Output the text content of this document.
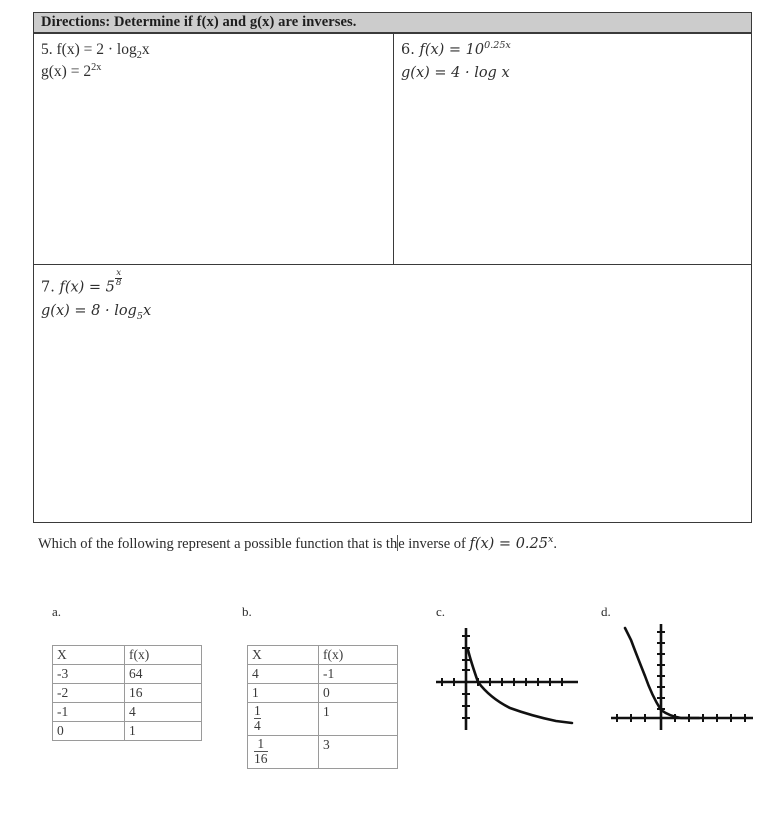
Directions: Determine if f(x) and g(x) are inverses.
5. $f(x) = 2 \cdot \log_2x$
$g(x) = 2^{2x}$
6. $f(x) = 10^{0.25x}$
g(x) = 4 · log x
7. f(x) = 5
$\frac{x}{8}$
$g(x) = 8 \cdot \log_5x$
Which of the following represent a possible function that is the inverse of $f(x) = 0.25^x$.
a.	b.	c.	d.
X	f(x)
-3	64
-2	16
-1	4
0	1
X	f(x)
4	-1
1	0

$\frac{1}{4}$	1

$\frac{1}{16}$	3
